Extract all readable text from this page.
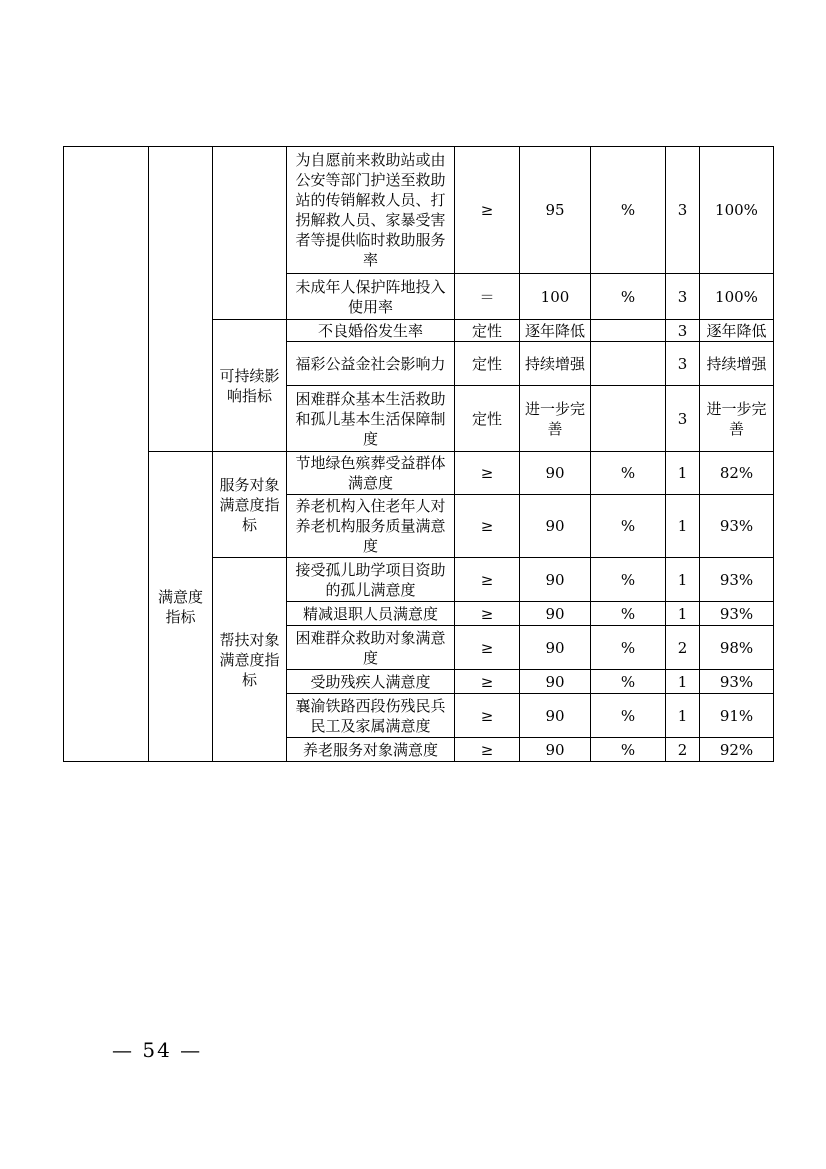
			为自愿前来救助站或由公安等部门护送至救助站的传销解救人员、打拐解救人员、家暴受害者等提供临时救助服务率	≥	95	%	3	100%
			未成年人保护阵地投入使用率	＝	100	%	3	100%
		可持续影响指标	不良婚俗发生率	定性	逐年降低		3	逐年降低
			福彩公益金社会影响力	定性	持续增强		3	持续增强
			困难群众基本生活救助和孤儿基本生活保障制度	定性	进一步完善		3	进一步完善
	满意度指标	服务对象满意度指标	节地绿色殡葬受益群体满意度	≥	90	%	1	82%
			养老机构入住老年人对养老机构服务质量满意度	≥	90	%	1	93%
		帮扶对象满意度指标	接受孤儿助学项目资助的孤儿满意度	≥	90	%	1	93%
			精减退职人员满意度	≥	90	%	1	93%
			困难群众救助对象满意度	≥	90	%	2	98%
			受助残疾人满意度	≥	90	%	1	93%
			襄渝铁路西段伤残民兵民工及家属满意度	≥	90	%	1	91%
			养老服务对象满意度	≥	90	%	2	92%
— 54 —
